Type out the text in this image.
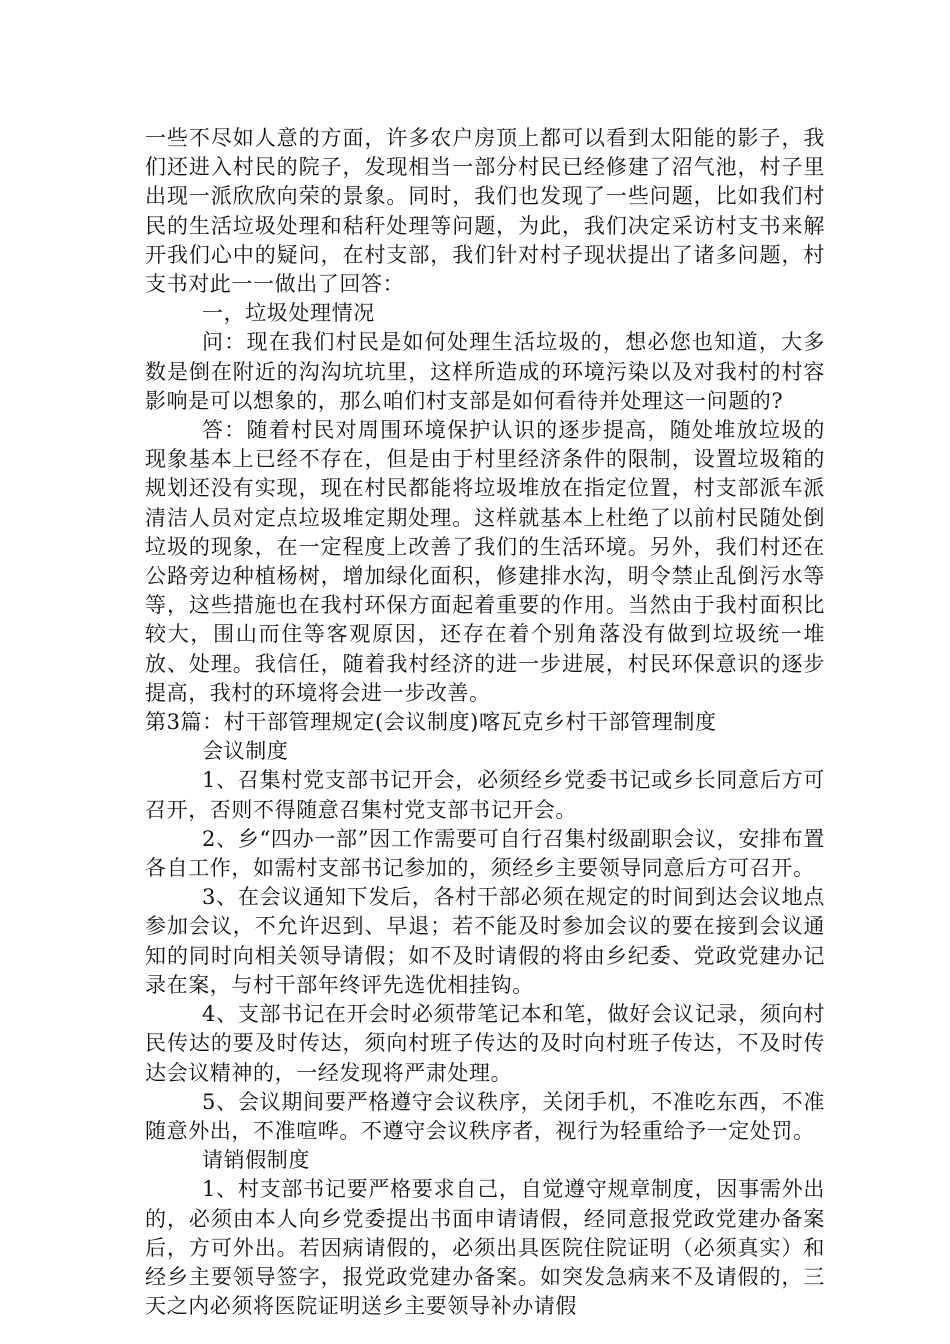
一些不尽如人意的方面，许多农户房顶上都可以看到太阳能的影子，我们还进入村民的院子，发现相当一部分村民已经修建了沼气池，村子里出现一派欣欣向荣的景象。同时，我们也发现了一些问题，比如我们村民的生活垃圾处理和秸秆处理等问题，为此，我们决定采访村支书来解开我们心中的疑问，在村支部，我们针对村子现状提出了诸多问题，村支书对此一一做出了回答：

一，垃圾处理情况

问：现在我们村民是如何处理生活垃圾的，想必您也知道，大多数是倒在附近的沟沟坑坑里，这样所造成的环境污染以及对我村的村容影响是可以想象的，那么咱们村支部是如何看待并处理这一问题的?

答：随着村民对周围环境保护认识的逐步提高，随处堆放垃圾的现象基本上已经不存在，但是由于村里经济条件的限制，设置垃圾箱的规划还没有实现，现在村民都能将垃圾堆放在指定位置，村支部派车派清洁人员对定点垃圾堆定期处理。这样就基本上杜绝了以前村民随处倒垃圾的现象，在一定程度上改善了我们的生活环境。另外，我们村还在公路旁边种植杨树，增加绿化面积，修建排水沟，明令禁止乱倒污水等等，这些措施也在我村环保方面起着重要的作用。当然由于我村面积比较大，围山而住等客观原因，还存在着个别角落没有做到垃圾统一堆放、处理。我信任，随着我村经济的进一步进展，村民环保意识的逐步提高，我村的环境将会进一步改善。

第3篇：村干部管理规定(会议制度)喀瓦克乡村干部管理制度

会议制度

1、召集村党支部书记开会，必须经乡党委书记或乡长同意后方可召开，否则不得随意召集村党支部书记开会。

2、乡“四办一部”因工作需要可自行召集村级副职会议，安排布置各自工作，如需村支部书记参加的，须经乡主要领导同意后方可召开。

3、在会议通知下发后，各村干部必须在规定的时间到达会议地点参加会议，不允许迟到、早退；若不能及时参加会议的要在接到会议通知的同时向相关领导请假；如不及时请假的将由乡纪委、党政党建办记录在案，与村干部年终评先选优相挂钩。

4、支部书记在开会时必须带笔记本和笔，做好会议记录，须向村民传达的要及时传达，须向村班子传达的及时向村班子传达，不及时传达会议精神的，一经发现将严肃处理。

5、会议期间要严格遵守会议秩序，关闭手机，不准吃东西，不准随意外出，不准喧哗。不遵守会议秩序者，视行为轻重给予一定处罚。

请销假制度

1、村支部书记要严格要求自己，自觉遵守规章制度，因事需外出的，必须由本人向乡党委提出书面申请请假，经同意报党政党建办备案后，方可外出。若因病请假的，必须出具医院住院证明（必须真实）和经乡主要领导签字，报党政党建办备案。如突发急病来不及请假的，三天之内必须将医院证明送乡主要领导补办请假
